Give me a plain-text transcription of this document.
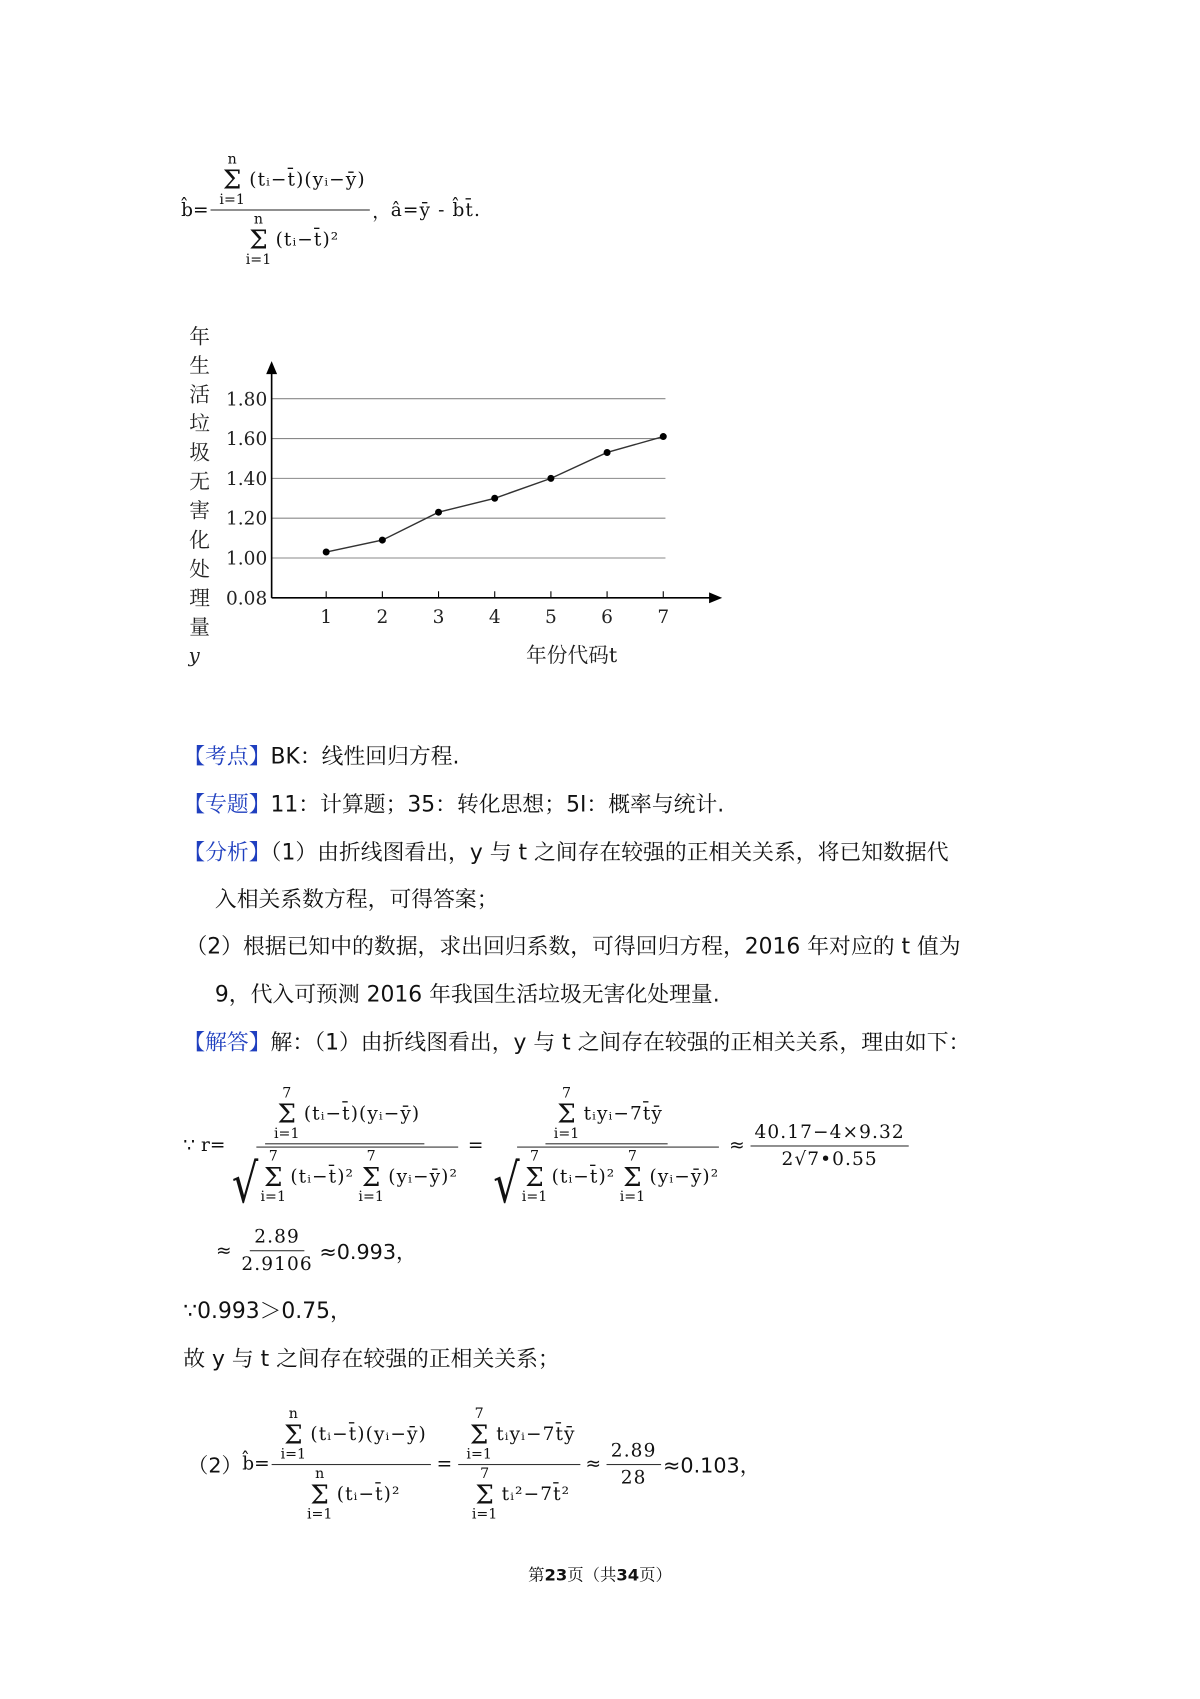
b̂= n
Σ
i=1
(tᵢ−t̄)(yᵢ−ȳ)
n
Σ
i=1
(tᵢ−t̄)² ， â=ȳ - b̂t̄.
0.08
1.00
1.20
1.40
1.60
1.80
1	2	3	4	5	6	7
年
生
活
垃
圾
无
害
化
处
理
量
y	年份代码t
【考点】BK：线性回归方程.
【专题】11：计算题；35：转化思想；5I：概率与统计.
【分析】（1）由折线图看出，y 与 t 之间存在较强的正相关关系，将已知数据代
入相关系数方程，可得答案；
（2）根据已知中的数据，求出回归系数，可得回归方程，2016 年对应的 t 值为
9，代入可预测 2016 年我国生活垃圾无害化处理量.
【解答】解：（1）由折线图看出，y 与 t 之间存在较强的正相关关系，理由如下：
∵ r=
7
Σ
i=1
(tᵢ−t̄)(yᵢ−ȳ)
√ 7
Σ
i=1
(tᵢ−t̄)²
7
Σ
i=1
(yᵢ−ȳ)²
=
7
Σ
i=1
tᵢyᵢ−7t̄ȳ
√ 7
Σ
i=1
(tᵢ−t̄)²
7
Σ
i=1
(yᵢ−ȳ)²
≈ $\frac{40.17-4\times 9.32}{2√7•0.55}$
≈ $\frac{2.89}{2.9106} \approx 0.993$，
∵0.993＞0.75，
故 y 与 t 之间存在较强的正相关关系；
（2） b̂= n
Σ
i=1
(tᵢ−t̄)(yᵢ−ȳ)
n
Σ
i=1
(tᵢ−t̄)² = 7
Σ
i=1
tᵢyᵢ−7t̄ȳ
7
Σ
i=1
tᵢ²−7t̄² ≈ $\frac{2.89}{28} \approx 0.103$，
第23页（共34页）
